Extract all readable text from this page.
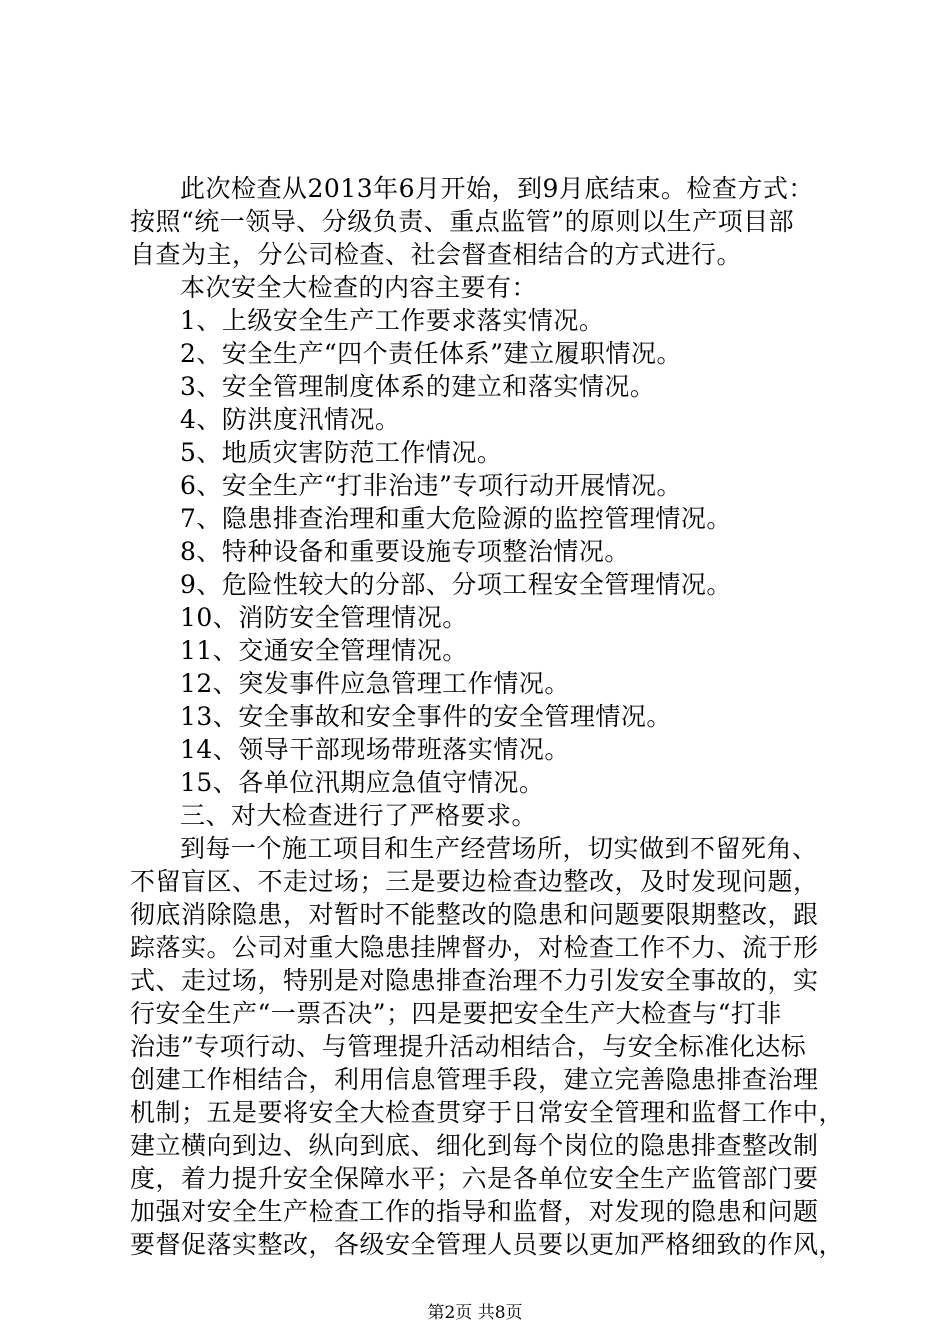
此次检查从2013年6月开始，到9月底结束。检查方式：
按照“统一领导、分级负责、重点监管”的原则以生产项目部
自查为主，分公司检查、社会督查相结合的方式进行。
本次安全大检查的内容主要有：
1、上级安全生产工作要求落实情况。
2、安全生产“四个责任体系”建立履职情况。
3、安全管理制度体系的建立和落实情况。
4、防洪度汛情况。
5、地质灾害防范工作情况。
6、安全生产“打非治违”专项行动开展情况。
7、隐患排查治理和重大危险源的监控管理情况。
8、特种设备和重要设施专项整治情况。
9、危险性较大的分部、分项工程安全管理情况。
10、消防安全管理情况。
11、交通安全管理情况。
12、突发事件应急管理工作情况。
13、安全事故和安全事件的安全管理情况。
14、领导干部现场带班落实情况。
15、各单位汛期应急值守情况。
三、对大检查进行了严格要求。
到每一个施工项目和生产经营场所，切实做到不留死角、
不留盲区、不走过场；三是要边检查边整改，及时发现问题，
彻底消除隐患，对暂时不能整改的隐患和问题要限期整改，跟
踪落实。公司对重大隐患挂牌督办，对检查工作不力、流于形
式、走过场，特别是对隐患排查治理不力引发安全事故的，实
行安全生产“一票否决”；四是要把安全生产大检查与“打非
治违”专项行动、与管理提升活动相结合，与安全标准化达标
创建工作相结合，利用信息管理手段，建立完善隐患排查治理
机制；五是要将安全大检查贯穿于日常安全管理和监督工作中，
建立横向到边、纵向到底、细化到每个岗位的隐患排查整改制
度，着力提升安全保障水平；六是各单位安全生产监管部门要
加强对安全生产检查工作的指导和监督，对发现的隐患和问题
要督促落实整改，各级安全管理人员要以更加严格细致的作风，
第2页 共8页
